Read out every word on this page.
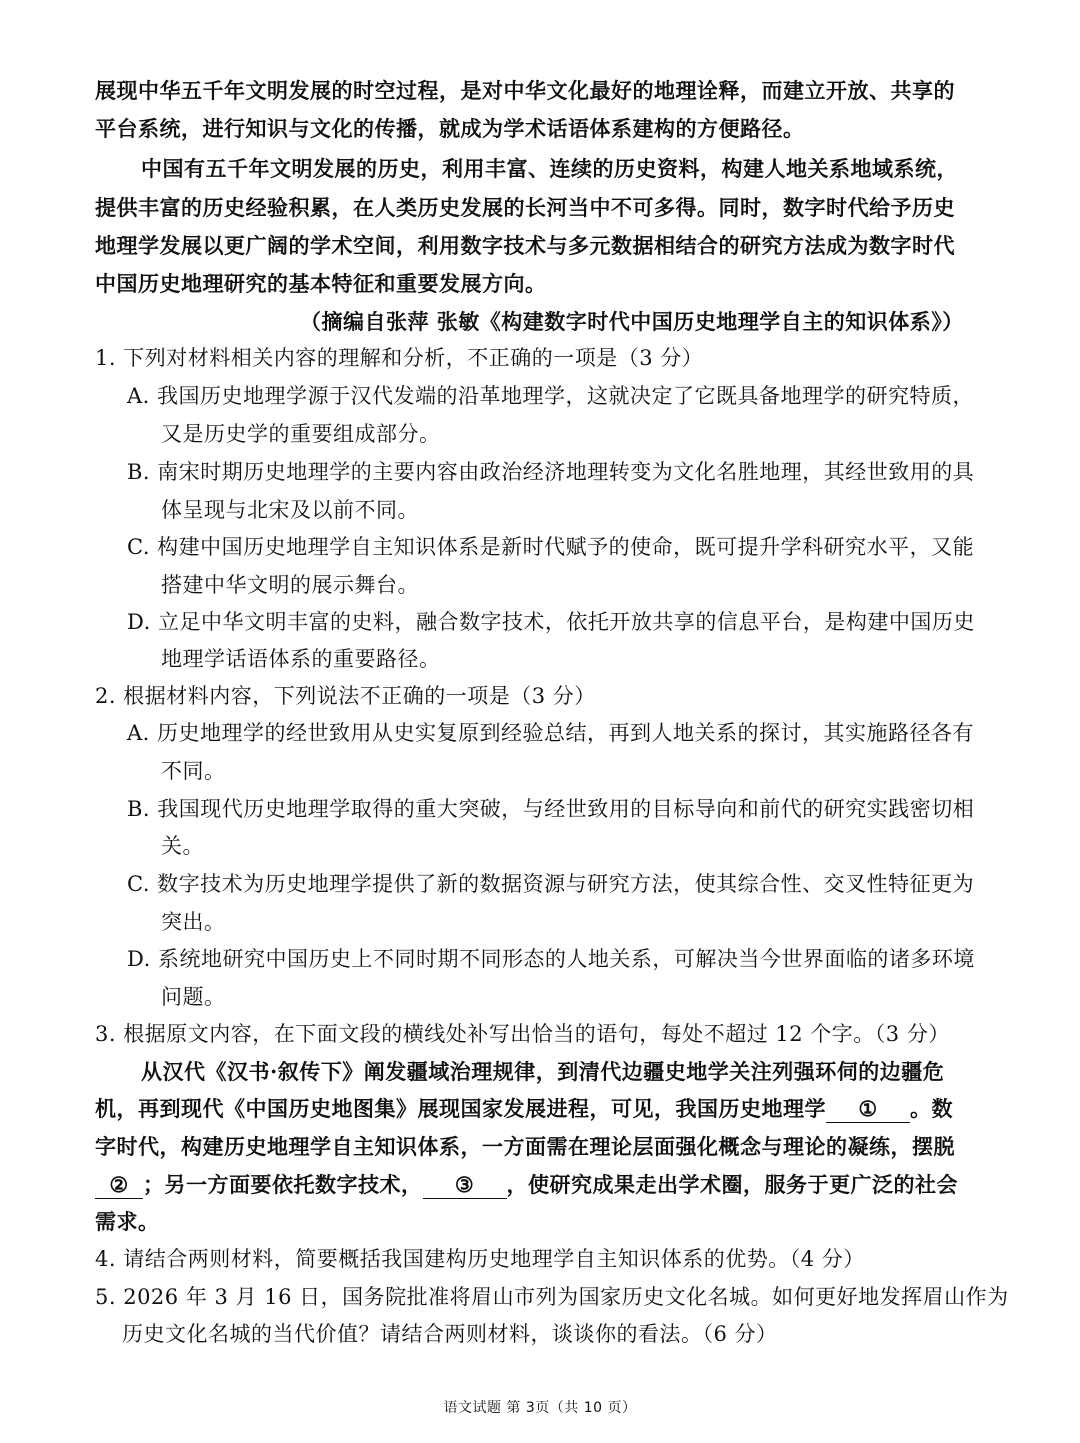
展现中华五千年文明发展的时空过程，是对中华文化最好的地理诠释，而建立开放、共享的
平台系统，进行知识与文化的传播，就成为学术话语体系建构的方便路径。
中国有五千年文明发展的历史，利用丰富、连续的历史资料，构建人地关系地域系统，
提供丰富的历史经验积累，在人类历史发展的长河当中不可多得。同时，数字时代给予历史
地理学发展以更广阔的学术空间，利用数字技术与多元数据相结合的研究方法成为数字时代
中国历史地理研究的基本特征和重要发展方向。
（摘编自张萍 张敏《构建数字时代中国历史地理学自主的知识体系》）
1. 下列对材料相关内容的理解和分析，不正确的一项是（3 分）
A. 我国历史地理学源于汉代发端的沿革地理学，这就决定了它既具备地理学的研究特质，
又是历史学的重要组成部分。
B. 南宋时期历史地理学的主要内容由政治经济地理转变为文化名胜地理，其经世致用的具
体呈现与北宋及以前不同。
C. 构建中国历史地理学自主知识体系是新时代赋予的使命，既可提升学科研究水平，又能
搭建中华文明的展示舞台。
D. 立足中华文明丰富的史料，融合数字技术，依托开放共享的信息平台，是构建中国历史
地理学话语体系的重要路径。
2. 根据材料内容，下列说法不正确的一项是（3 分）
A. 历史地理学的经世致用从史实复原到经验总结，再到人地关系的探讨，其实施路径各有
不同。
B. 我国现代历史地理学取得的重大突破，与经世致用的目标导向和前代的研究实践密切相
关。
C. 数字技术为历史地理学提供了新的数据资源与研究方法，使其综合性、交叉性特征更为
突出。
D. 系统地研究中国历史上不同时期不同形态的人地关系，可解决当今世界面临的诸多环境
问题。
3. 根据原文内容，在下面文段的横线处补写出恰当的语句，每处不超过 12 个字。（3 分）
从汉代《汉书·叙传下》阐发疆域治理规律，到清代边疆史地学关注列强环伺的边疆危
机，再到现代《中国历史地图集》展现国家发展进程，可见，我国历史地理学 ① 。数
字时代，构建历史地理学自主知识体系，一方面需在理论层面强化概念与理论的凝练，摆脱
② ；另一方面要依托数字技术， ③ ，使研究成果走出学术圈，服务于更广泛的社会
需求。
4. 请结合两则材料，简要概括我国建构历史地理学自主知识体系的优势。（4 分）
5. 2026 年 3 月 16 日，国务院批准将眉山市列为国家历史文化名城。如何更好地发挥眉山作为
历史文化名城的当代价值？请结合两则材料，谈谈你的看法。（6 分）
语文试题 第 3页（共 10 页）
